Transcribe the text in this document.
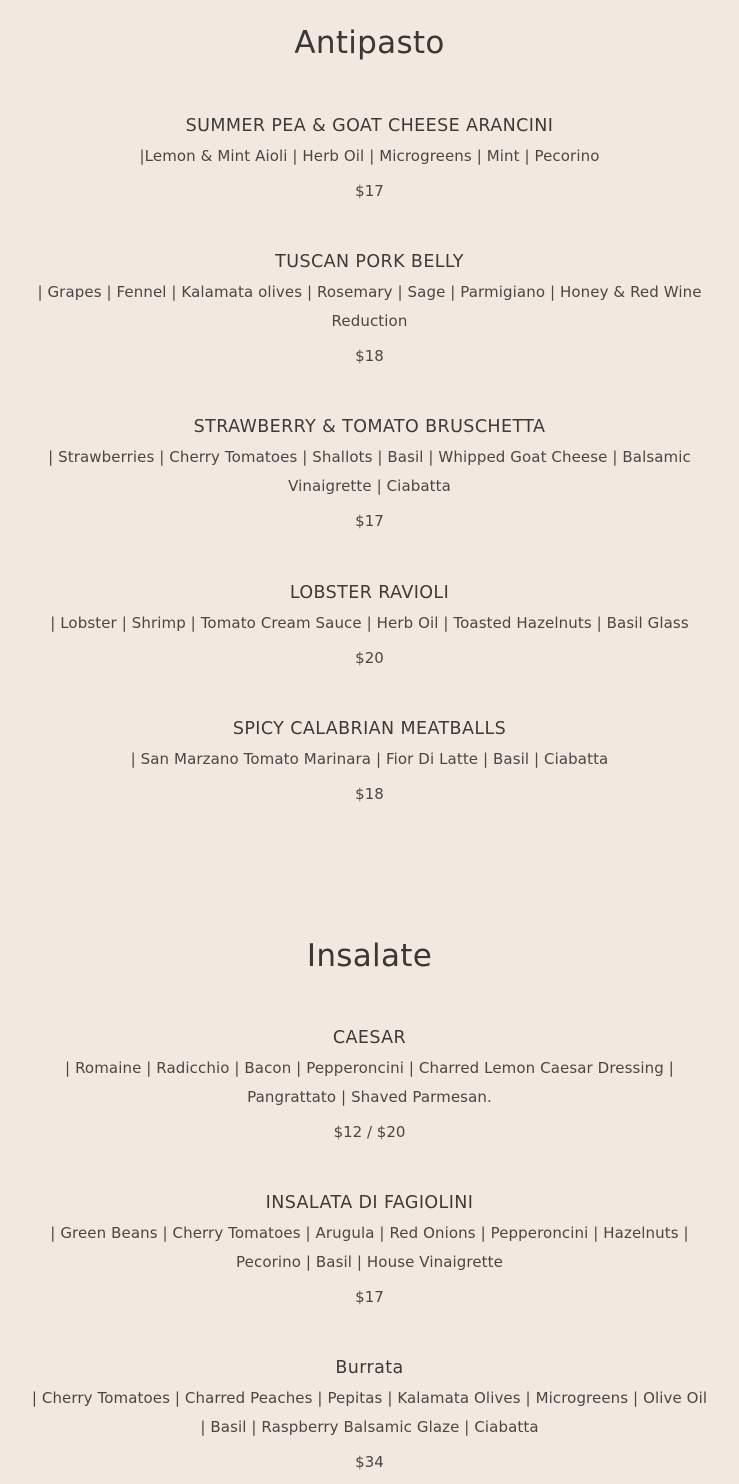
Antipasto

SUMMER PEA & GOAT CHEESE ARANCINI

|Lemon & Mint Aioli | Herb Oil | Microgreens | Mint | Pecorino

$17

TUSCAN PORK BELLY

| Grapes | Fennel | Kalamata olives | Rosemary | Sage | Parmigiano | Honey & Red Wine Reduction

$18

STRAWBERRY & TOMATO BRUSCHETTA

| Strawberries | Cherry Tomatoes | Shallots | Basil | Whipped Goat Cheese | Balsamic Vinaigrette | Ciabatta

$17

LOBSTER RAVIOLI

| Lobster | Shrimp | Tomato Cream Sauce | Herb Oil | Toasted Hazelnuts | Basil Glass

$20

SPICY CALABRIAN MEATBALLS

| San Marzano Tomato Marinara | Fior Di Latte | Basil | Ciabatta

$18

Insalate

CAESAR

| Romaine | Radicchio | Bacon | Pepperoncini | Charred Lemon Caesar Dressing | Pangrattato | Shaved Parmesan.

$12 / $20

INSALATA DI FAGIOLINI

| Green Beans | Cherry Tomatoes | Arugula | Red Onions | Pepperoncini | Hazelnuts | Pecorino | Basil | House Vinaigrette

$17

Burrata

| Cherry Tomatoes | Charred Peaches | Pepitas | Kalamata Olives | Microgreens | Olive Oil | Basil | Raspberry Balsamic Glaze | Ciabatta

$34
